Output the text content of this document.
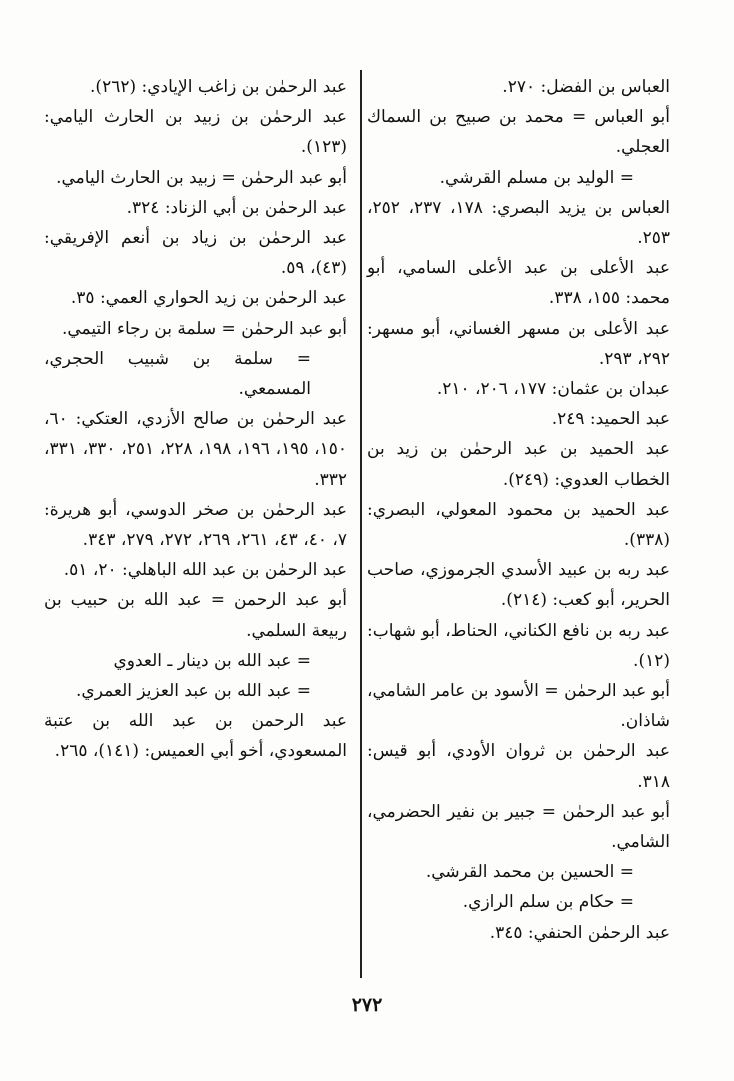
العباس بن الفضل: ٢٧٠.

أبو العباس = محمد بن صبيح بن السماك العجلي.

= الوليد بن مسلم القرشي.

العباس بن يزيد البصري: ١٧٨، ٢٣٧، ٢٥٢، ٢٥٣.

عبد الأعلى بن عبد الأعلى السامي، أبو محمد: ١٥٥، ٣٣٨.

عبد الأعلى بن مسهر الغساني، أبو مسهر: ٢٩٢، ٢٩٣.

عبدان بن عثمان: ١٧٧، ٢٠٦، ٢١٠.

عبد الحميد: ٢٤٩.

عبد الحميد بن عبد الرحمٰن بن زيد بن الخطاب العدوي: (٢٤٩).

عبد الحميد بن محمود المعولي، البصري: (٣٣٨).

عبد ربه بن عبيد الأسدي الجرموزي، صاحب الحرير، أبو كعب: (٢١٤).

عبد ربه بن نافع الكناني، الحناط، أبو شهاب: (١٢).

أبو عبد الرحمٰن = الأسود بن عامر الشامي، شاذان.

عبد الرحمٰن بن ثروان الأودي، أبو قيس: ٣١٨.

أبو عبد الرحمٰن = جبير بن نفير الحضرمي، الشامي.

= الحسين بن محمد القرشي.

= حكام بن سلم الرازي.

عبد الرحمٰن الحنفي: ٣٤٥.

عبد الرحمٰن بن زاغب الإيادي: (٢٦٢).

عبد الرحمٰن بن زبيد بن الحارث اليامي: (١٢٣).

أبو عبد الرحمٰن = زبيد بن الحارث اليامي.

عبد الرحمٰن بن أبي الزناد: ٣٢٤.

عبد الرحمٰن بن زياد بن أنعم الإفريقي: (٤٣)، ٥٩.

عبد الرحمٰن بن زيد الحواري العمي: ٣٥.

أبو عبد الرحمٰن = سلمة بن رجاء التيمي.

= سلمة بن شبيب الحجري، المسمعي.

عبد الرحمٰن بن صالح الأزدي، العتكي: ٦٠، ١٥٠، ١٩٥، ١٩٦، ١٩٨، ٢٢٨، ٢٥١، ٣٣٠، ٣٣١، ٣٣٢.

عبد الرحمٰن بن صخر الدوسي، أبو هريرة: ٧، ٤٠، ٤٣، ٢٦١، ٢٦٩، ٢٧٢، ٢٧٩، ٣٤٣.

عبد الرحمٰن بن عبد الله الباهلي: ٢٠، ٥١.

أبو عبد الرحمن = عبد الله بن حبيب بن ربيعة السلمي.

= عبد الله بن دينار ـ العدوي

= عبد الله بن عبد العزيز العمري.

عبد الرحمن بن عبد الله بن عتبة المسعودي، أخو أبي العميس: (١٤١)، ٢٦٥.

٢٧٢
